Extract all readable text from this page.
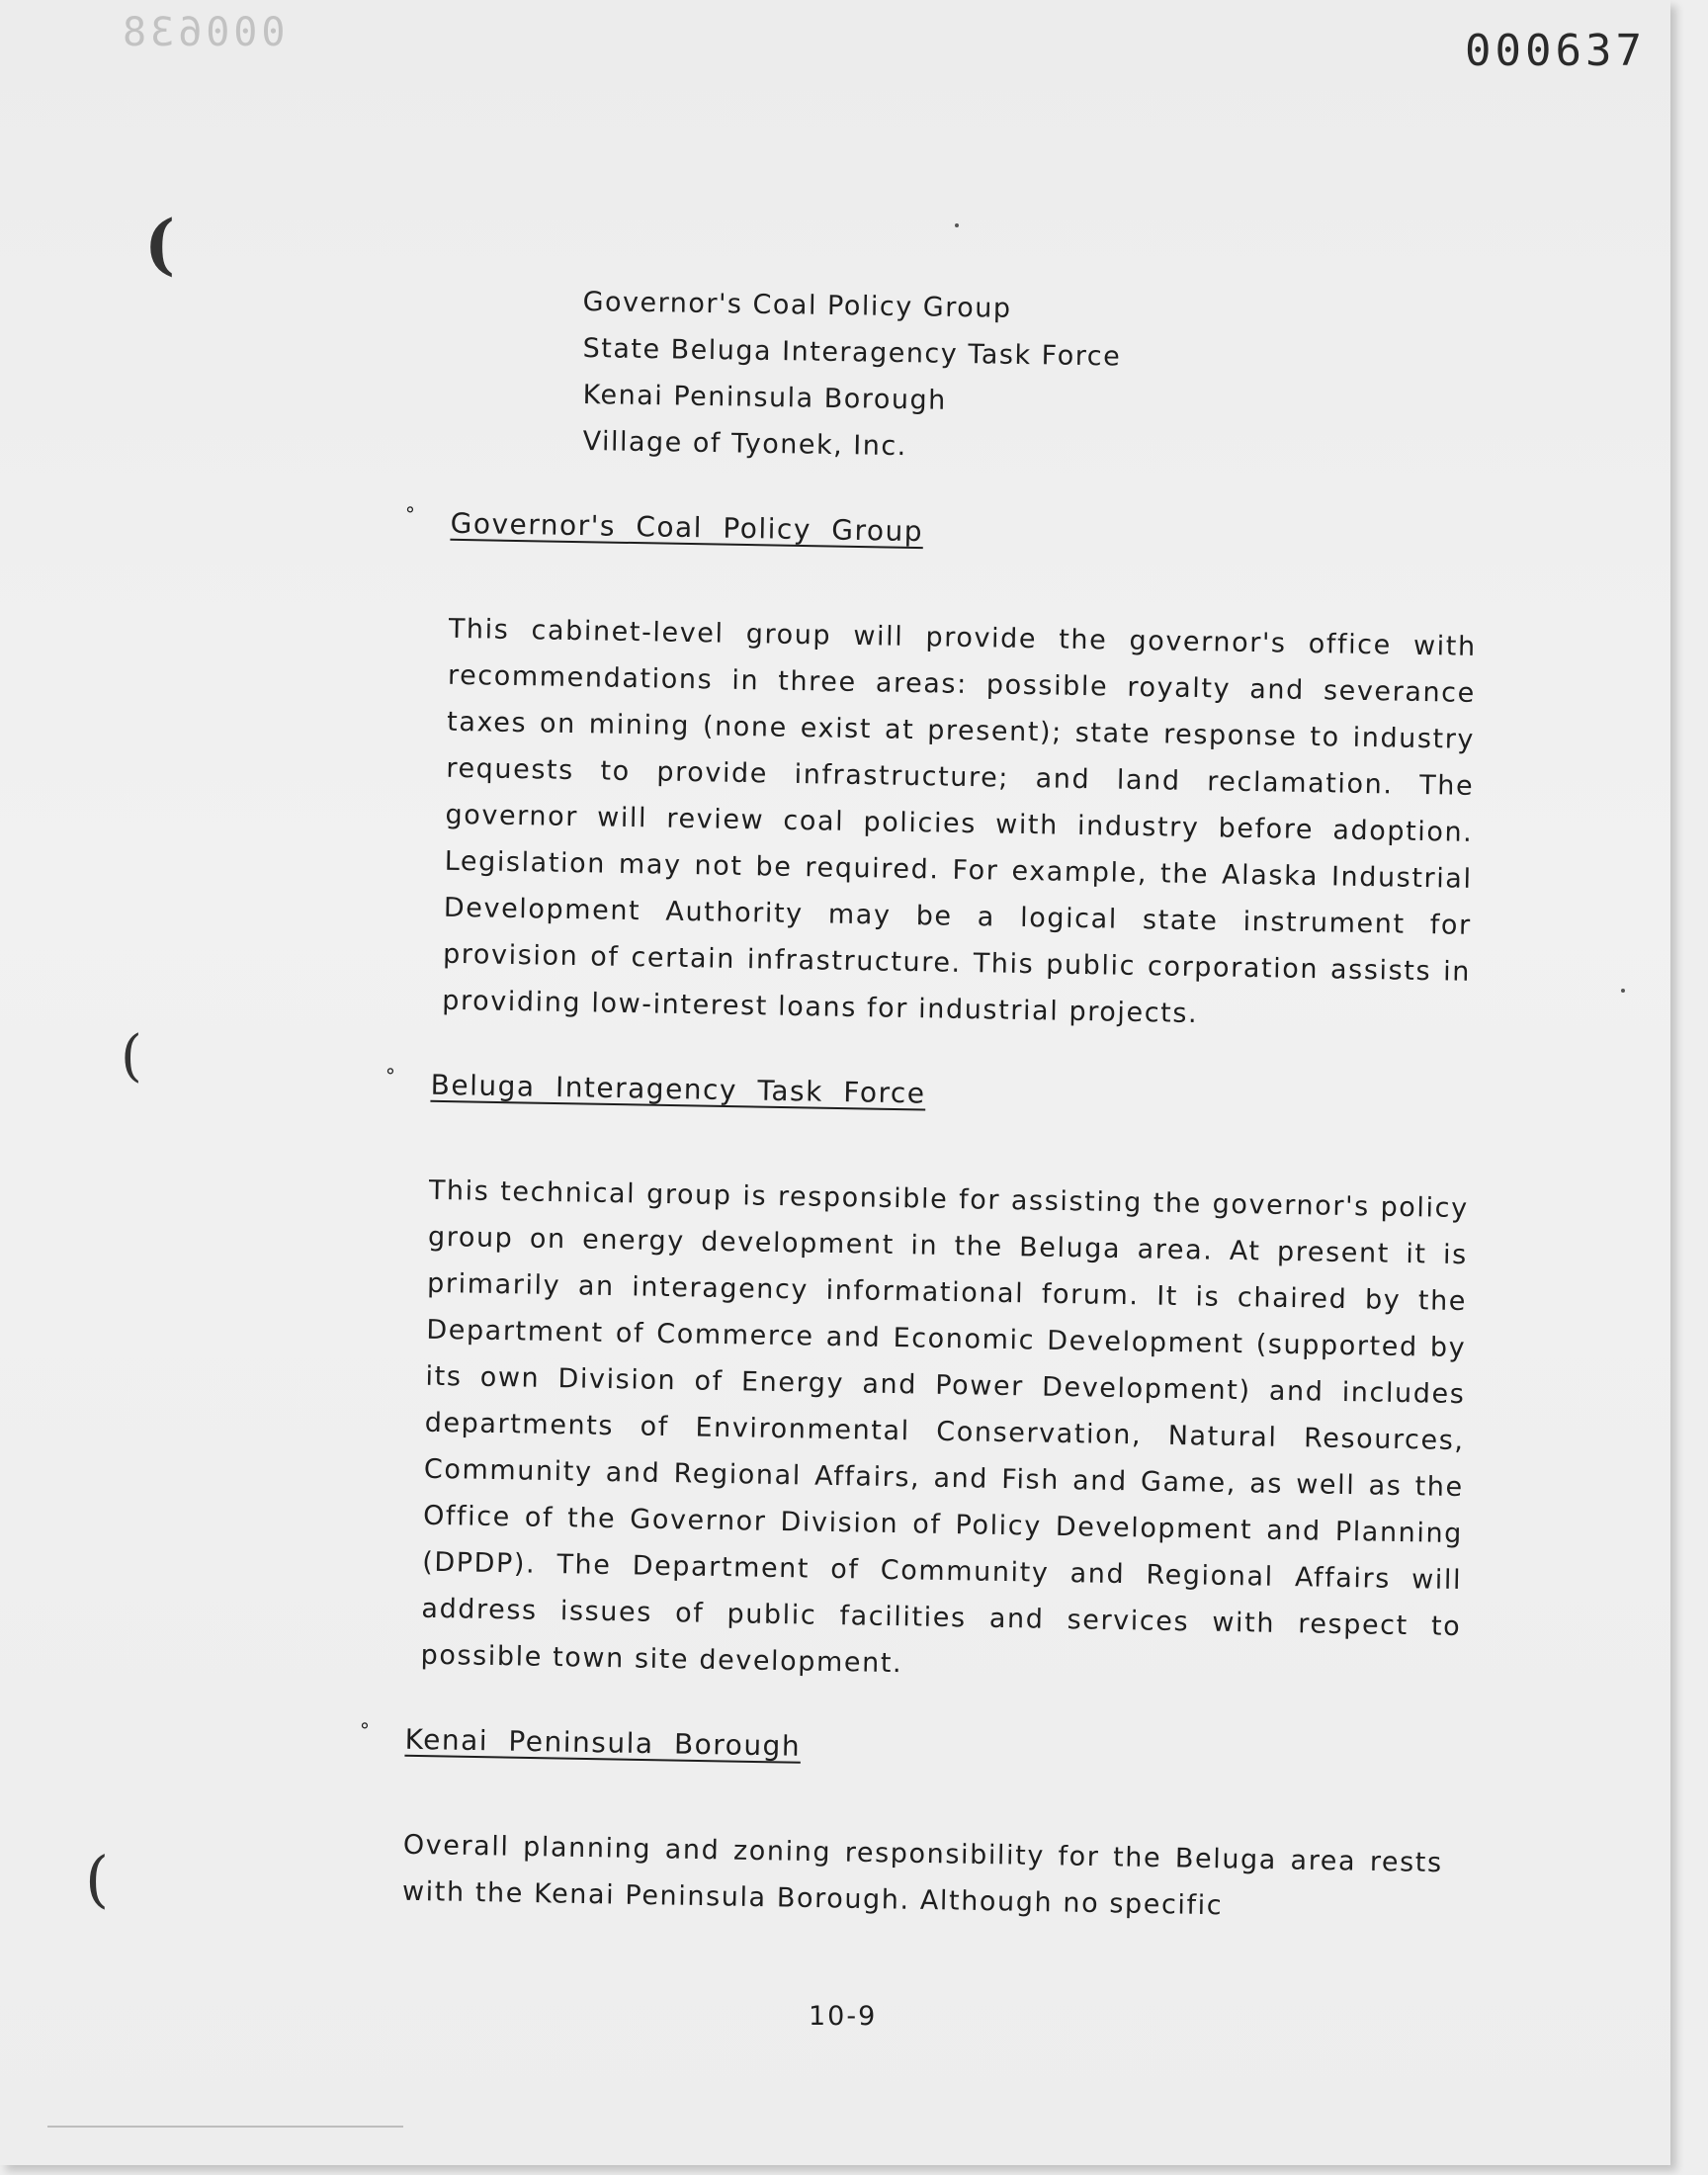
000638	000637
(
(
(
Governor's Coal Policy Group
State Beluga Interagency Task Force
Kenai Peninsula Borough
Village of Tyonek, Inc.
°	Governor's Coal Policy Group
This cabinet-level group will provide the governor's office with recommendations in three areas: possible royalty and severance taxes on mining (none exist at present); state response to industry requests to provide infrastructure; and land reclamation. The governor will review coal policies with industry before adoption. Legislation may not be required. For example, the Alaska Industrial Development Authority may be a logical state instrument for provision of certain infrastructure. This public corporation assists in providing low-interest loans for industrial projects.
°	Beluga Interagency Task Force
This technical group is responsible for assisting the governor's policy group on energy development in the Beluga area. At present it is primarily an interagency informational forum. It is chaired by the Department of Commerce and Economic Development (supported by its own Division of Energy and Power Development) and includes departments of Environmental Conservation, Natural Resources, Community and Regional Affairs, and Fish and Game, as well as the Office of the Governor Division of Policy Development and Planning (DPDP). The Department of Community and Regional Affairs will address issues of public facilities and services with respect to possible town site development.
°	Kenai Peninsula Borough
Overall planning and zoning responsibility for the Beluga area rests with the Kenai Peninsula Borough. Although no specific
10-9
